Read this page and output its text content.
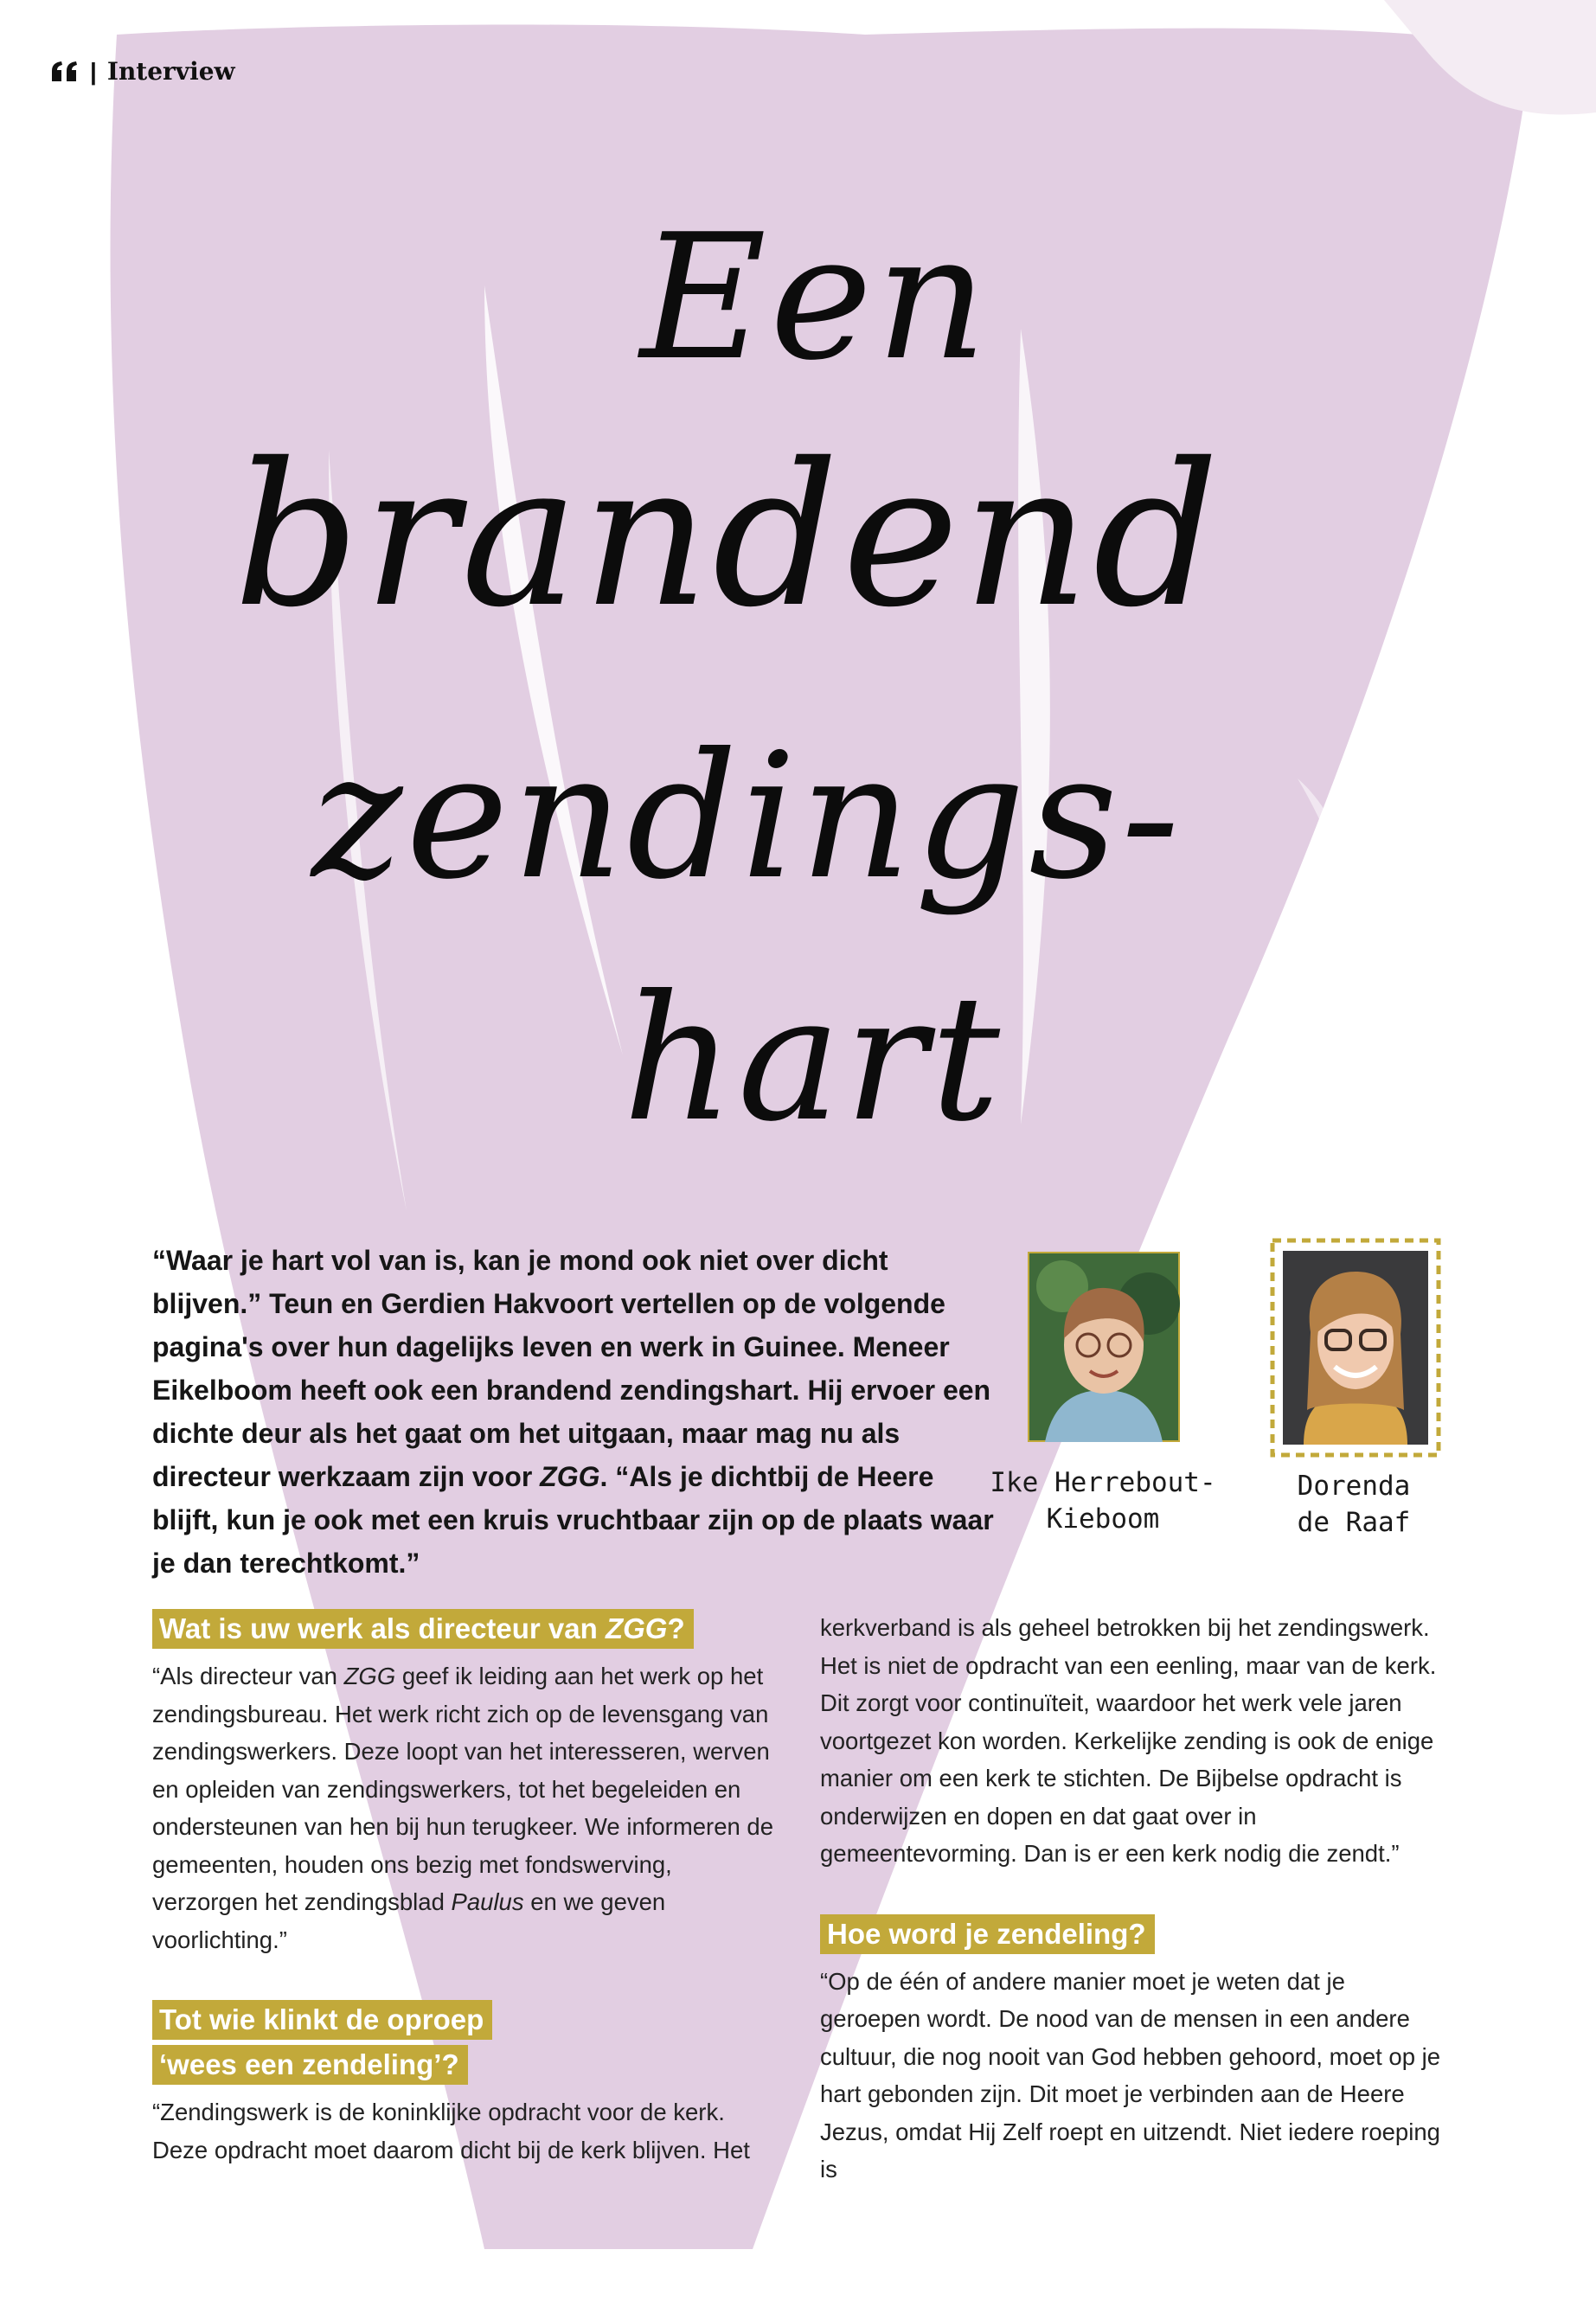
| Interview
Een
brandend
zendings-
hart

“Waar je hart vol van is, kan je mond ook niet over dicht blijven.” Teun en Gerdien Hakvoort vertellen op de volgende pagina's over hun dagelijks leven en werk in Guinee. Meneer Eikelboom heeft ook een brandend zendingshart. Hij ervoer een dichte deur als het gaat om het uitgaan, maar mag nu als directeur werkzaam zijn voor ZGG. “Als je dichtbij de Heere blijft, kun je ook met een kruis vruchtbaar zijn op de plaats waar je dan terechtkomt.”

Ike Herrebout-
Kieboom

Dorenda
de Raaf

Wat is uw werk als directeur van ZGG?

“Als directeur van ZGG geef ik leiding aan het werk op het zendingsbureau. Het werk richt zich op de levensgang van zendingswerkers. Deze loopt van het interesseren, werven en opleiden van zendingswerkers, tot het begeleiden en ondersteunen van hen bij hun terugkeer. We informeren de gemeenten, houden ons bezig met fondswerving, verzorgen het zendingsblad Paulus en we geven voorlichting.”

Tot wie klinkt de oproep
‘wees een zendeling’?

“Zendingswerk is de koninklijke opdracht voor de kerk. Deze opdracht moet daarom dicht bij de kerk blijven. Het

kerkverband is als geheel betrokken bij het zendingswerk. Het is niet de opdracht van een eenling, maar van de kerk. Dit zorgt voor continuïteit, waardoor het werk vele jaren voortgezet kon worden. Kerkelijke zending is ook de enige manier om een kerk te stichten. De Bijbelse opdracht is onderwijzen en dopen en dat gaat over in gemeentevorming. Dan is er een kerk nodig die zendt.”

Hoe word je zendeling?

“Op de één of andere manier moet je weten dat je geroepen wordt. De nood van de mensen in een andere cultuur, die nog nooit van God hebben gehoord, moet op je hart gebonden zijn. Dit moet je verbinden aan de Heere Jezus, omdat Hij Zelf roept en uitzendt. Niet iedere roeping is
